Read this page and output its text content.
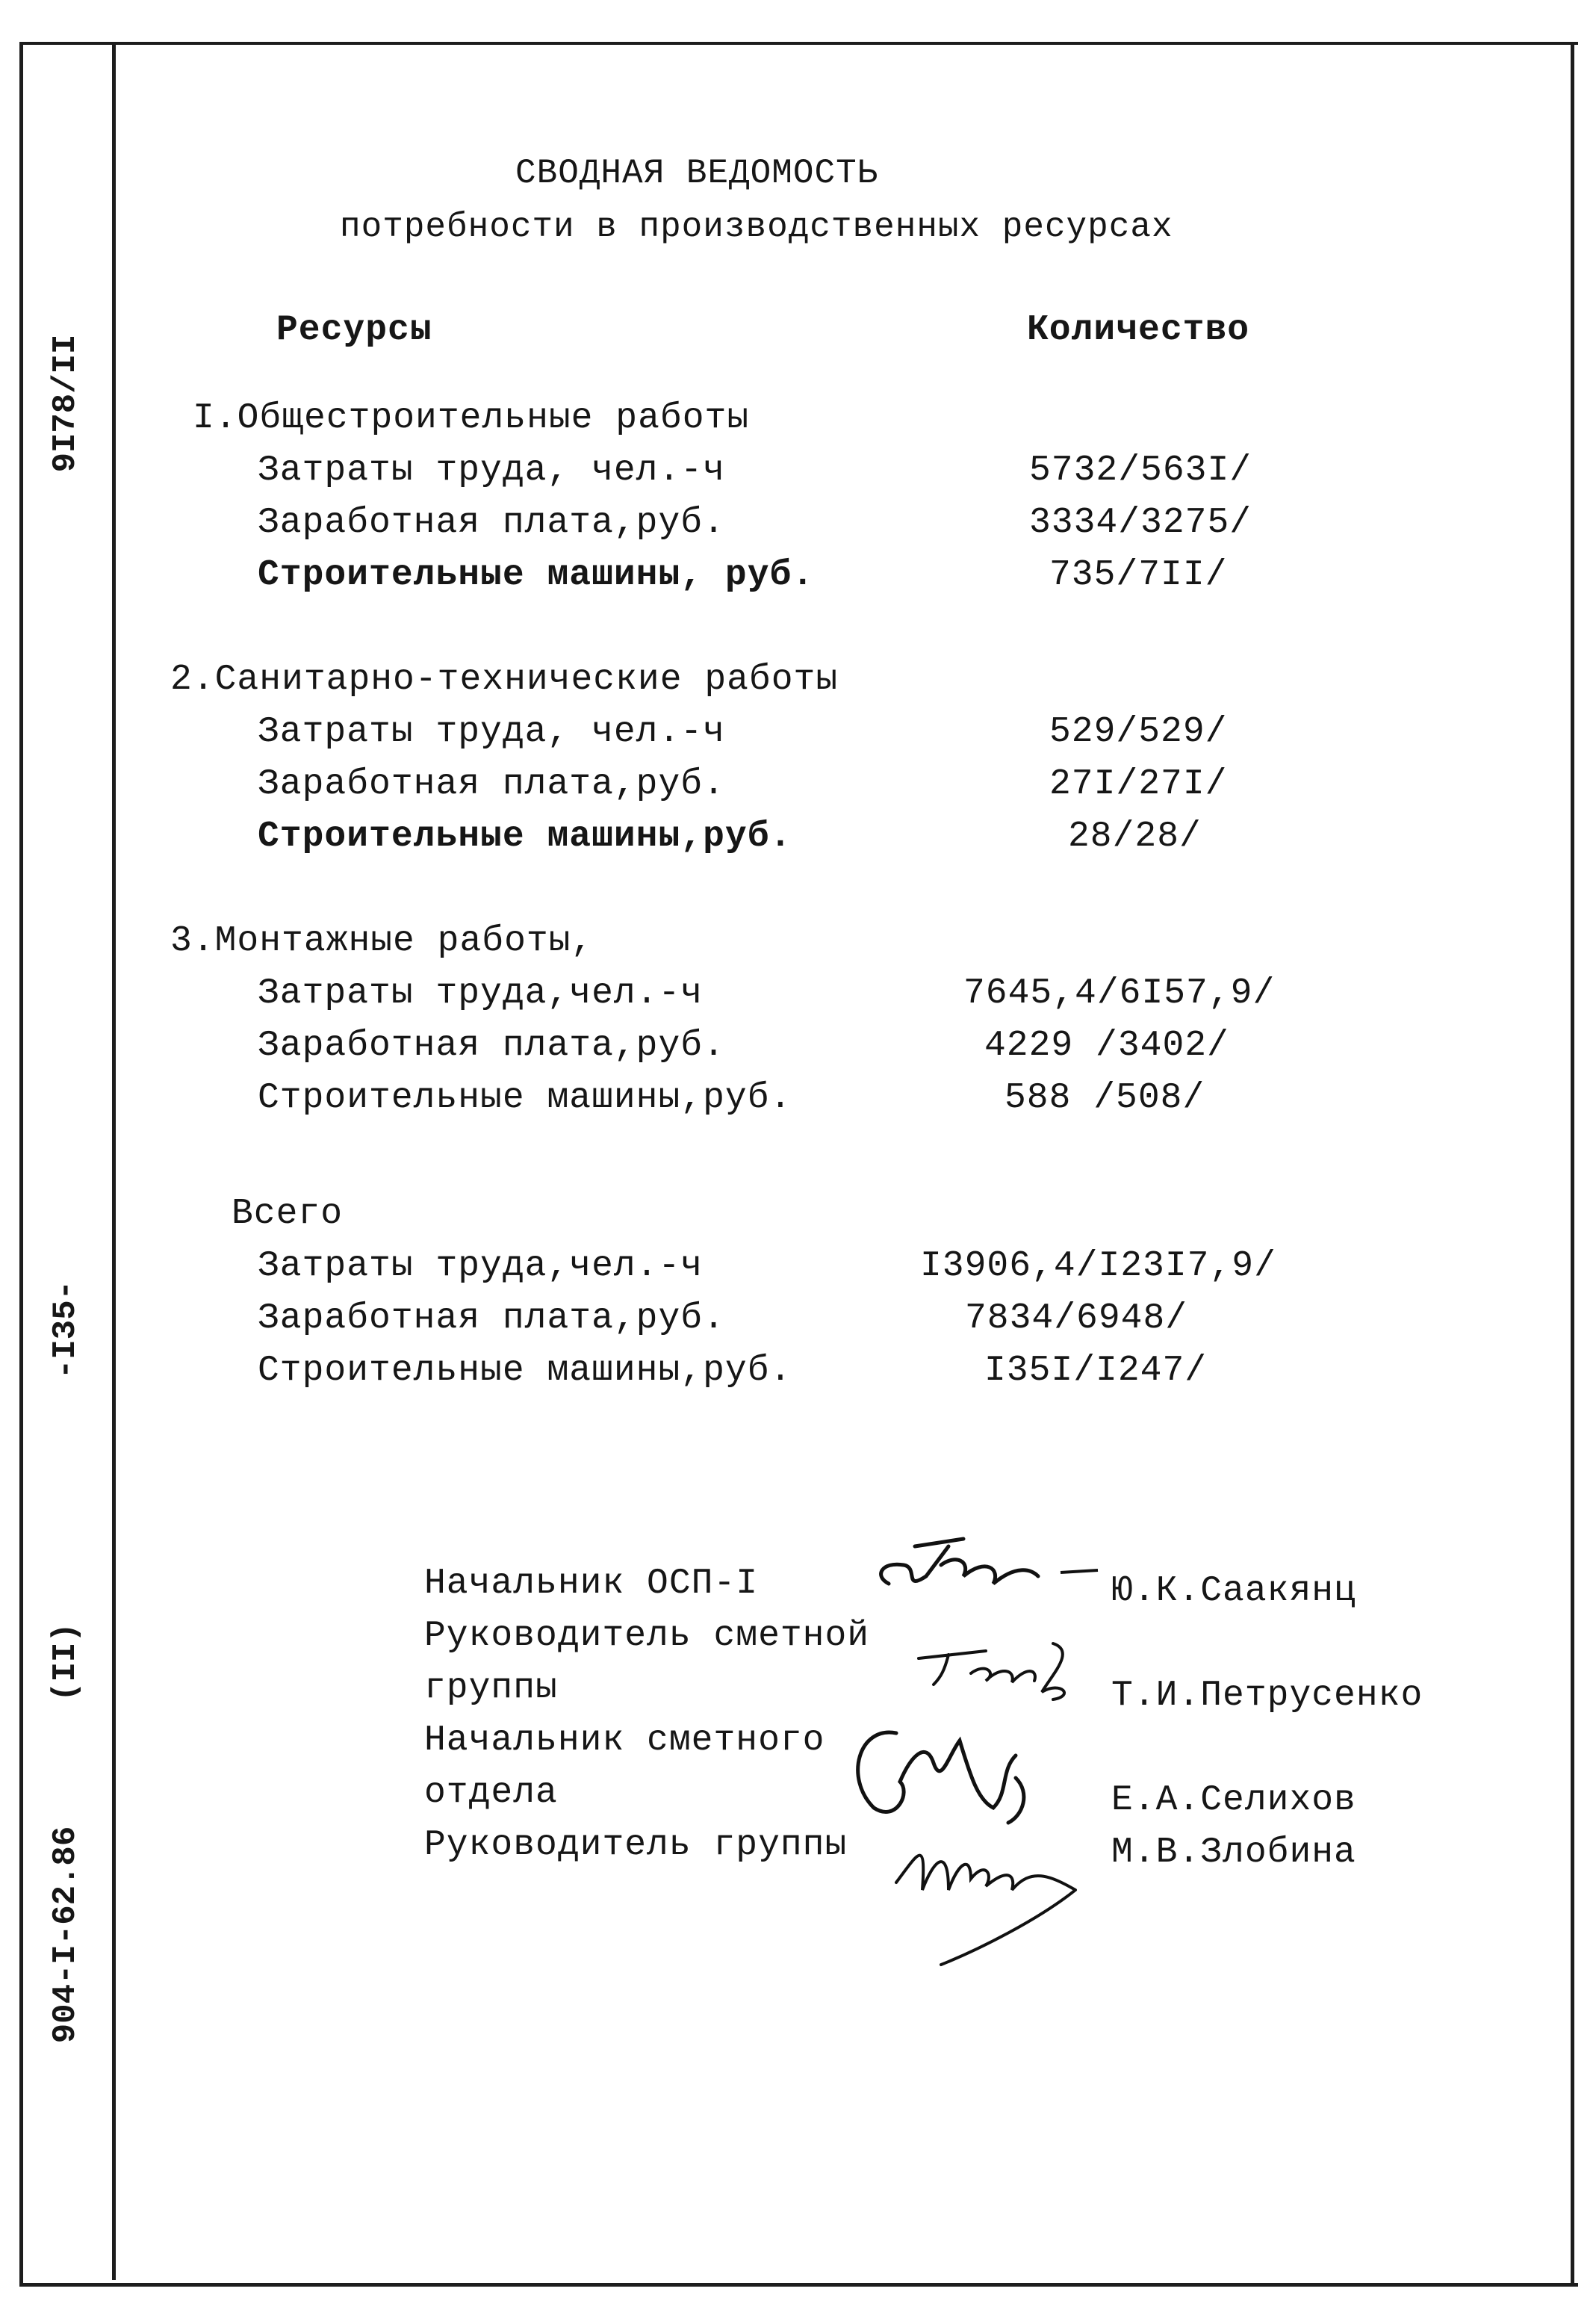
9I78/II
-I35-
(II)
904-I-62.86
СВОДНАЯ ВЕДОМОСТЬ
потребности в производственных ресурсах
Ресурсы	Количество
I.Общестроительные работы
Затраты труда, чел.-ч	5732/563I/
Заработная плата,руб.	3334/3275/
Строительные машины, руб.	735/7II/
2.Санитарно-технические работы
Затраты труда, чел.-ч	529/529/
Заработная плата,руб.	27I/27I/
Строительные машины,руб.	28/28/
3.Монтажные работы,
Затраты труда,чел.-ч	7645,4/6I57,9/
Заработная плата,руб.	4229 /3402/
Строительные машины,руб.	588 /508/
Всего
Затраты труда,чел.-ч	I3906,4/I23I7,9/
Заработная плата,руб.	7834/6948/
Строительные машины,руб.	I35I/I247/
Начальник ОСП-I
Руководитель сметной
группы
Начальник сметного
отдела
Руководитель группы
Ю.К.Саакянц
Т.И.Петрусенко
Е.А.Селихов
М.В.Злобина
